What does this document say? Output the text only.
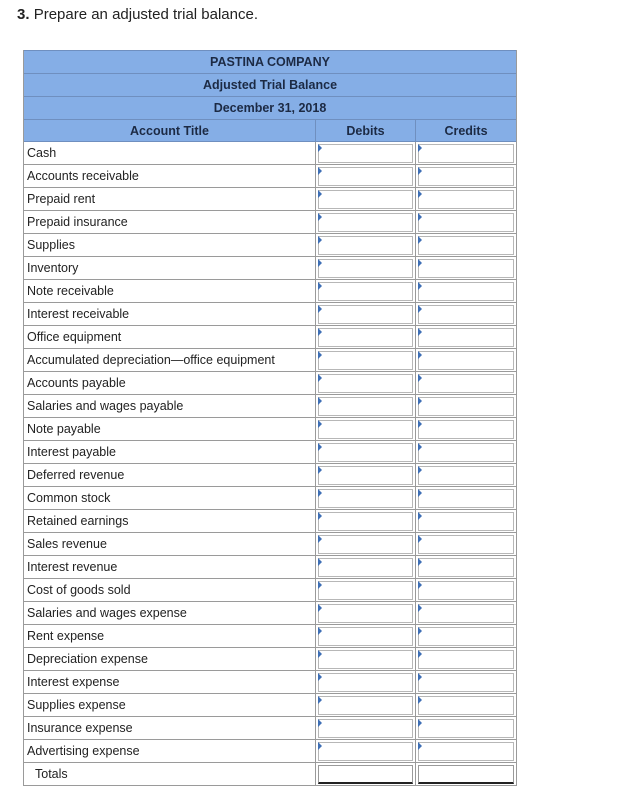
3. Prepare an adjusted trial balance.
PASTINA COMPANY
Adjusted Trial Balance
December 31, 2018
Account Title	Debits	Credits
Cash
Accounts receivable
Prepaid rent
Prepaid insurance
Supplies
Inventory
Note receivable
Interest receivable
Office equipment
Accumulated depreciation—office equipment
Accounts payable
Salaries and wages payable
Note payable
Interest payable
Deferred revenue
Common stock
Retained earnings
Sales revenue
Interest revenue
Cost of goods sold
Salaries and wages expense
Rent expense
Depreciation expense
Interest expense
Supplies expense
Insurance expense
Advertising expense
Totals
